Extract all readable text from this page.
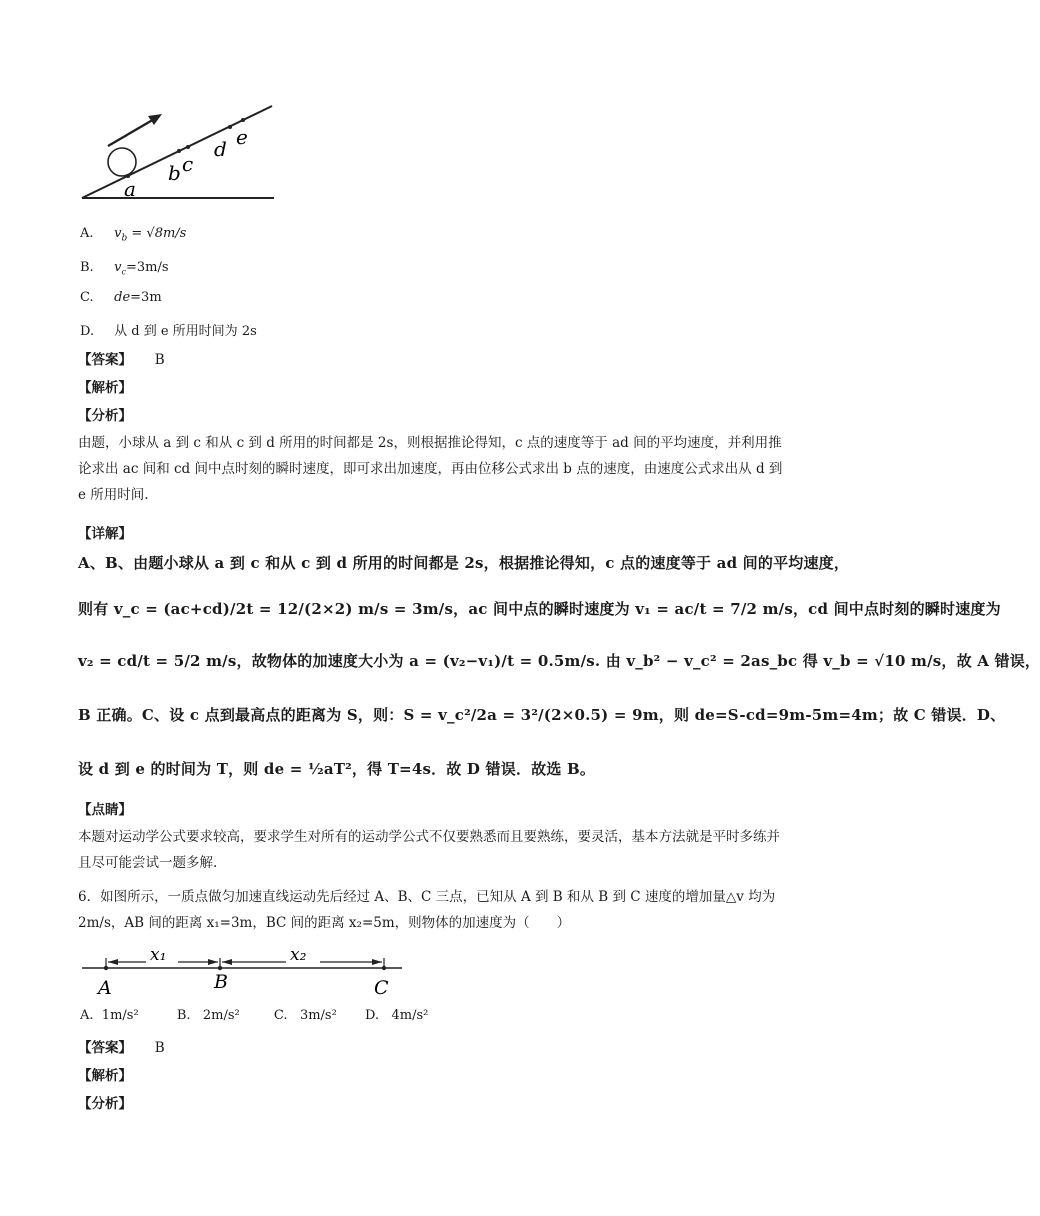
a
b c
d e
A. $v_b = √8m/s$
B. $v_c=3m/s$
C. de=3m
D. 从 d 到 e 所用时间为 2s
【答案】 B
【解析】
【分析】
由题，小球从 a 到 c 和从 c 到 d 所用的时间都是 2s，则根据推论得知，c 点的速度等于 ad 间的平均速度，并利用推论求出 ac 间和 cd 间中点时刻的瞬时速度，即可求出加速度，再由位移公式求出 b 点的速度，由速度公式求出从 d 到 e 所用时间.
【详解】
A、B、由题小球从 a 到 c 和从 c 到 d 所用的时间都是 2s，根据推论得知，c 点的速度等于 ad 间的平均速度，
则有 v_c = (ac+cd)/2t = 12/(2×2) m/s = 3m/s，ac 间中点的瞬时速度为 v₁ = ac/t = 7/2 m/s，cd 间中点时刻的瞬时速度为
v₂ = cd/t = 5/2 m/s，故物体的加速度大小为 a = (v₂−v₁)/t = 0.5m/s. 由 v_b² − v_c² = 2as_bc 得 v_b = √10 m/s，故 A 错误，
B 正确。C、设 c 点到最高点的距离为 S，则：S = v_c²/2a = 3²/(2×0.5) = 9m，则 de=S-cd=9m-5m=4m；故 C 错误．D、
设 d 到 e 的时间为 T，则 de = ½aT²，得 T=4s．故 D 错误．故选 B。
【点睛】
本题对运动学公式要求较高，要求学生对所有的运动学公式不仅要熟悉而且要熟练，要灵活，基本方法就是平时多练并且尽可能尝试一题多解.
6．如图所示，一质点做匀加速直线运动先后经过 A、B、C 三点，已知从 A 到 B 和从 B 到 C 速度的增加量△v 均为 2m/s，AB 间的距离 x₁=3m，BC 间的距离 x₂=5m，则物体的加速度为（　　）
x₁	x₂
A	B	C
A. 1m/s²	B. 2m/s²	C. 3m/s² D. 4m/s²
【答案】 B
【解析】
【分析】
